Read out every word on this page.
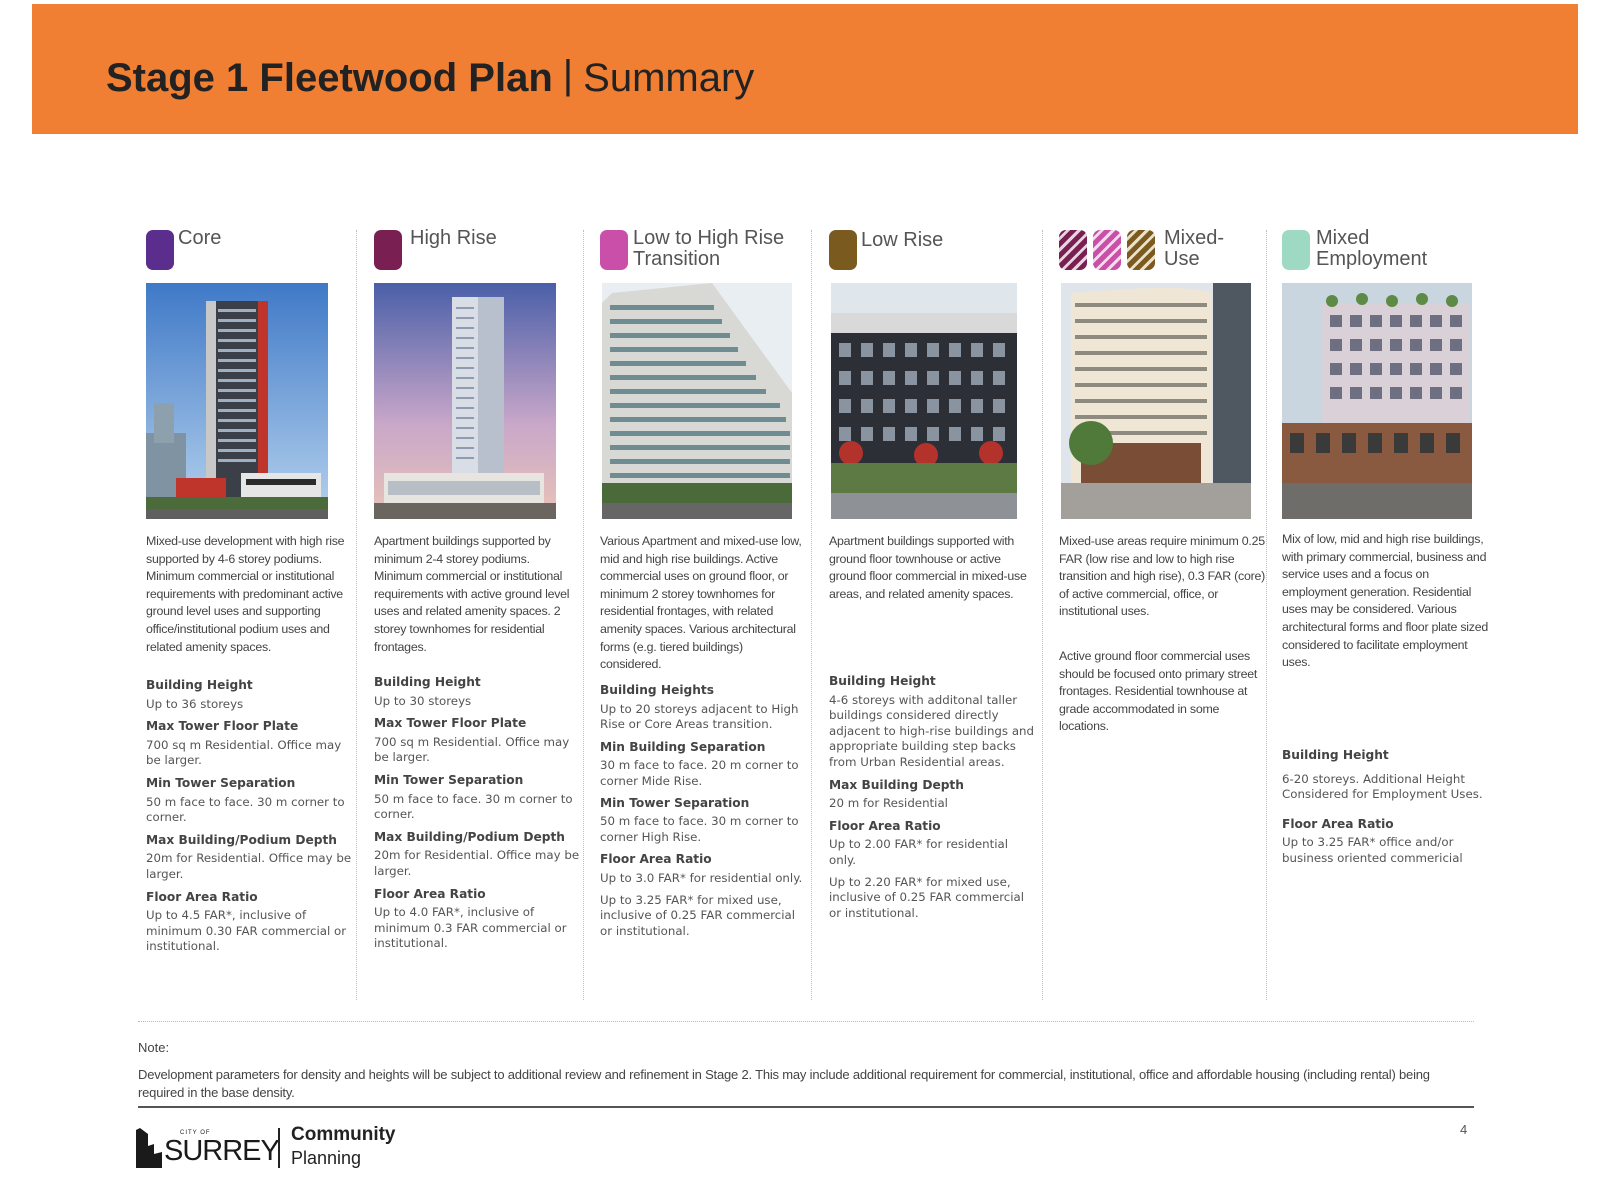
Stage 1 Fleetwood Plan | Summary
Core
Mixed-use development with high rise supported by 4-6 storey podiums. Minimum commercial or institutional requirements with predominant active ground level uses and supporting office/institutional podium uses and related amenity spaces.
Building Height

Up to 36 storeys

Max Tower Floor Plate

700 sq m Residential. Office may be larger.

Min Tower Separation

50 m face to face. 30 m corner to corner.

Max Building/Podium Depth

20m for Residential. Office may be larger.

Floor Area Ratio

Up to 4.5 FAR*, inclusive of minimum 0.30 FAR commercial or institutional.

High Rise
Apartment buildings supported by minimum 2-4 storey podiums. Minimum commercial or institutional requirements with active ground level uses and related amenity spaces. 2 storey townhomes for residential frontages.
Building Height

Up to 30 storeys

Max Tower Floor Plate

700 sq m Residential. Office may be larger.

Min Tower Separation

50 m face to face. 30 m corner to corner.

Max Building/Podium Depth

20m for Residential. Office may be larger.

Floor Area Ratio

Up to 4.0 FAR*, inclusive of minimum 0.3 FAR commercial or institutional.

Low to High Rise Transition
Various Apartment and mixed-use low, mid and high rise buildings. Active commercial uses on ground floor, or minimum 2 storey townhomes for residential frontages, with related amenity spaces. Various architectural forms (e.g. tiered buildings) considered.
Building Heights

Up to 20 storeys adjacent to High Rise or Core Areas transition.

Min Building Separation

30 m face to face. 20 m corner to corner Mide Rise.

Min Tower Separation

50 m face to face. 30 m corner to corner High Rise.

Floor Area Ratio

Up to 3.0 FAR* for residential only.

Up to 3.25 FAR* for mixed use, inclusive of 0.25 FAR commercial or institutional.

Low Rise
Apartment buildings supported with ground floor townhouse or active ground floor commercial in mixed-use areas, and related amenity spaces.
Building Height

4-6 storeys with additonal taller buildings considered directly adjacent to high-rise buildings and appropriate building step backs from Urban Residential areas.

Max Building Depth

20 m for Residential

Floor Area Ratio

Up to 2.00 FAR* for residential only.

Up to 2.20 FAR* for mixed use, inclusive of 0.25 FAR commercial or institutional.

Mixed-Use
Mixed-use areas require minimum 0.25 FAR (low rise and low to high rise transition and high rise), 0.3 FAR (core) of active commercial, office, or institutional uses.
Active ground floor commercial uses should be focused onto primary street frontages. Residential townhouse at grade accommodated in some locations.
Mixed Employment
Mix of low, mid and high rise buildings, with primary commercial, business and service uses and a focus on employment generation. Residential uses may be considered. Various architectural forms and floor plate sized considered to facilitate employment uses.
Building Height

6-20 storeys. Additional Height Considered for Employment Uses.

Floor Area Ratio

Up to 3.25 FAR* office and/or business oriented commericial

Note:
Development parameters for density and heights will be subject to additional review and refinement in Stage 2. This may include additional requirement for commercial, institutional, office and affordable housing (including rental) being required in the base density.
CITY OF
SURREY
Community
Planning
4
